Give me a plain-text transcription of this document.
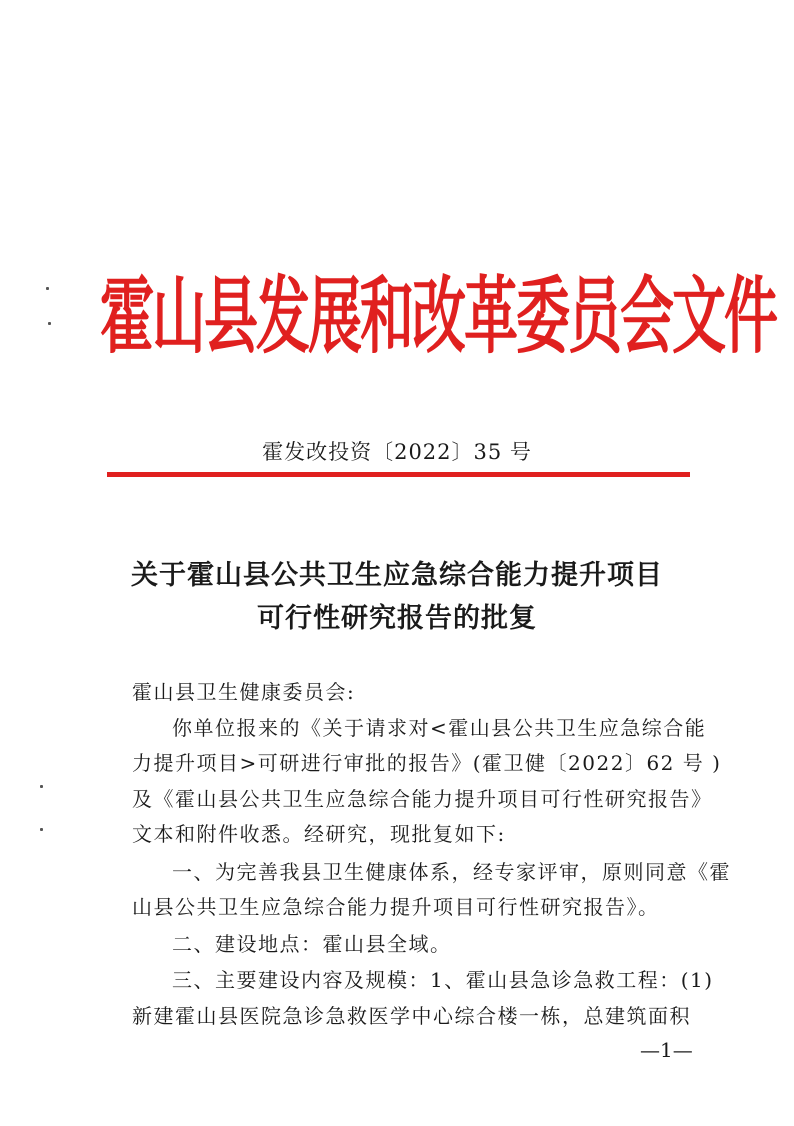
霍山县发展和改革委员会文件
霍发改投资〔2022〕35 号
关于霍山县公共卫生应急综合能力提升项目
可行性研究报告的批复
霍山县卫生健康委员会:
你单位报来的《关于请求对<霍山县公共卫生应急综合能
力提升项目>可研进行审批的报告》(霍卫健〔2022〕62 号 )
及《霍山县公共卫生应急综合能力提升项目可行性研究报告》
文本和附件收悉。经研究，现批复如下:
一、为完善我县卫生健康体系，经专家评审，原则同意《霍
山县公共卫生应急综合能力提升项目可行性研究报告》。
二、建设地点：霍山县全域。
三、主要建设内容及规模：1、霍山县急诊急救工程：(1)
新建霍山县医院急诊急救医学中心综合楼一栋，总建筑面积
—1—
